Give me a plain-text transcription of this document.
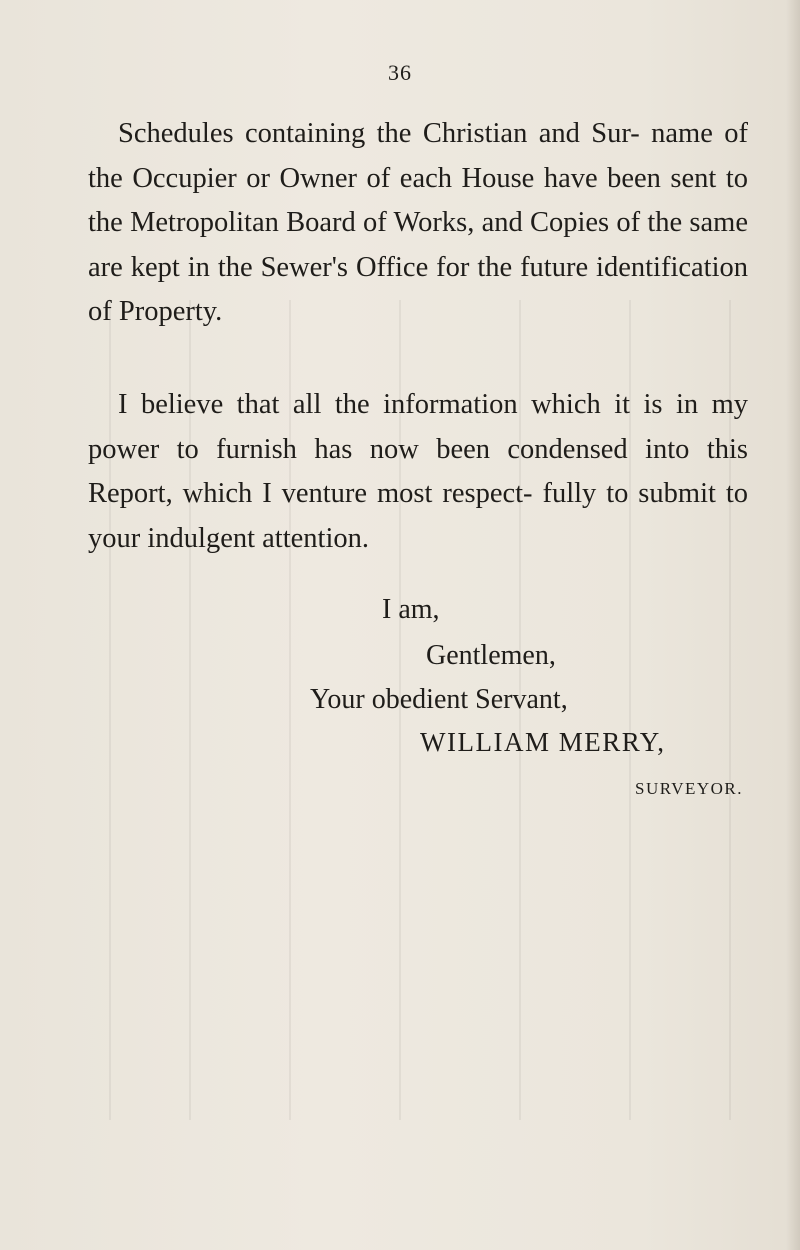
36

Schedules containing the Christian and Sur- name of the Occupier or Owner of each House have been sent to the Metropolitan Board of Works, and Copies of the same are kept in the Sewer's Office for the future identification of Property.

I believe that all the information which it is in my power to furnish has now been condensed into this Report, which I venture most respect- fully to submit to your indulgent attention.

I am,

Gentlemen,

Your obedient Servant,

WILLIAM MERRY,

SURVEYOR.
